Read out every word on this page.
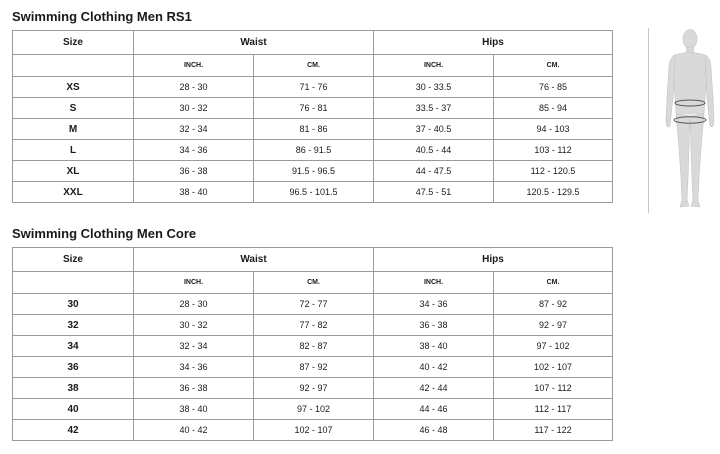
Swimming Clothing Men RS1
Size	Waist		Hips	
	INCH.	CM.	INCH.	CM.
XS	28 - 30	71 - 76	30 - 33.5	76 - 85
S	30 - 32	76 - 81	33.5 - 37	85 - 94
M	32 - 34	81 - 86	37 - 40.5	94 - 103
L	34 - 36	86 - 91.5	40.5 - 44	103 - 112
XL	36 - 38	91.5 - 96.5	44 - 47.5	112 - 120.5
XXL	38 - 40	96.5 - 101.5	47.5 - 51	120.5 - 129.5
Swimming Clothing Men Core
Size	Waist		Hips	
	INCH.	CM.	INCH.	CM.
30	28 - 30	72 - 77	34 - 36	87 - 92
32	30 - 32	77 - 82	36 - 38	92 - 97
34	32 - 34	82 - 87	38 - 40	97 - 102
36	34 - 36	87 - 92	40 - 42	102 - 107
38	36 - 38	92 - 97	42 - 44	107 - 112
40	38 - 40	97 - 102	44 - 46	112 - 117
42	40 - 42	102 - 107	46 - 48	117 - 122
